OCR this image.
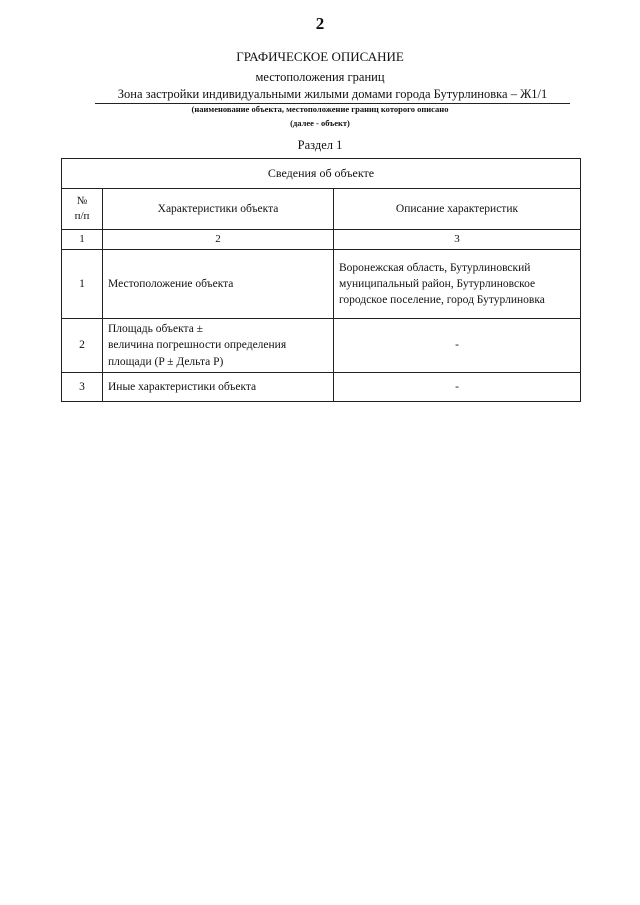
2
ГРАФИЧЕСКОЕ ОПИСАНИЕ
местоположения границ
Зона застройки индивидуальными жилыми домами города Бутурлиновка – Ж1/1
(наименование объекта, местоположение границ которого описано
(далее - объект)
Раздел 1
Сведения об объекте		

№
п/п	Характеристики объекта	Описание характеристик
1	2	3
1	Местоположение объекта	Воронежская область, Бутурлиновский
муниципальный район, Бутурлиновское
городское поселение, город Бутурлиновка

2	Площадь объекта ±
величина погрешности определения
площади (P ± Дельта P)	-

3	Иные характеристики объекта	-
